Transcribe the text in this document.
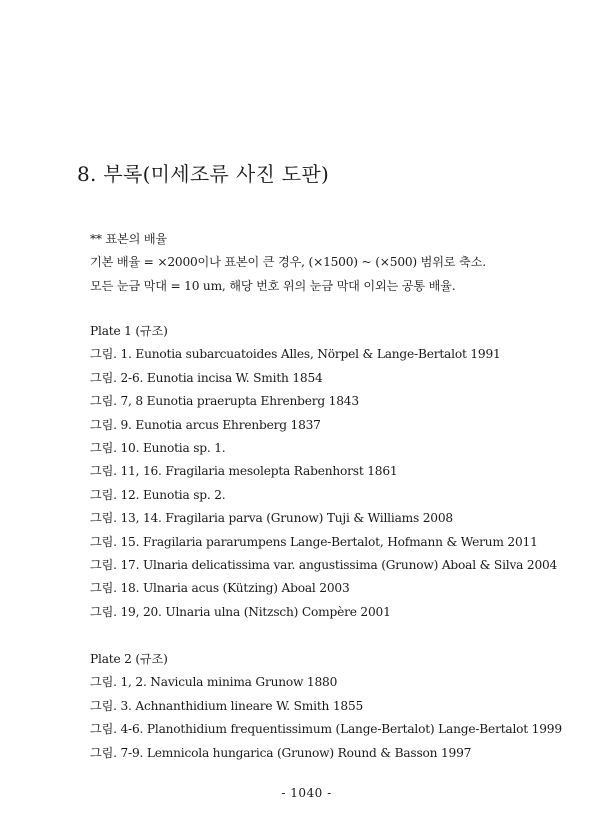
8. 부록(미세조류 사진 도판)
** 표본의 배율
기본 배율 = ×2000이나 표본이 큰 경우, (×1500) ~ (×500) 범위로 축소.
모든 눈금 막대 = 10 um, 해당 번호 위의 눈금 막대 이외는 공통 배율.
Plate 1 (규조)
그림. 1. Eunotia subarcuatoides Alles, Nörpel & Lange-Bertalot 1991
그림. 2-6. Eunotia incisa W. Smith 1854
그림. 7, 8 Eunotia praerupta Ehrenberg 1843
그림. 9. Eunotia arcus Ehrenberg 1837
그림. 10. Eunotia sp. 1.
그림. 11, 16. Fragilaria mesolepta Rabenhorst 1861
그림. 12. Eunotia sp. 2.
그림. 13, 14. Fragilaria parva (Grunow) Tuji & Williams 2008
그림. 15. Fragilaria pararumpens Lange-Bertalot, Hofmann & Werum 2011
그림. 17. Ulnaria delicatissima var. angustissima (Grunow) Aboal & Silva 2004
그림. 18. Ulnaria acus (Kützing) Aboal 2003
그림. 19, 20. Ulnaria ulna (Nitzsch) Compère 2001
Plate 2 (규조)
그림. 1, 2. Navicula minima Grunow 1880
그림. 3. Achnanthidium lineare W. Smith 1855
그림. 4-6. Planothidium frequentissimum (Lange-Bertalot) Lange-Bertalot 1999
그림. 7-9. Lemnicola hungarica (Grunow) Round & Basson 1997
- 1040 -
